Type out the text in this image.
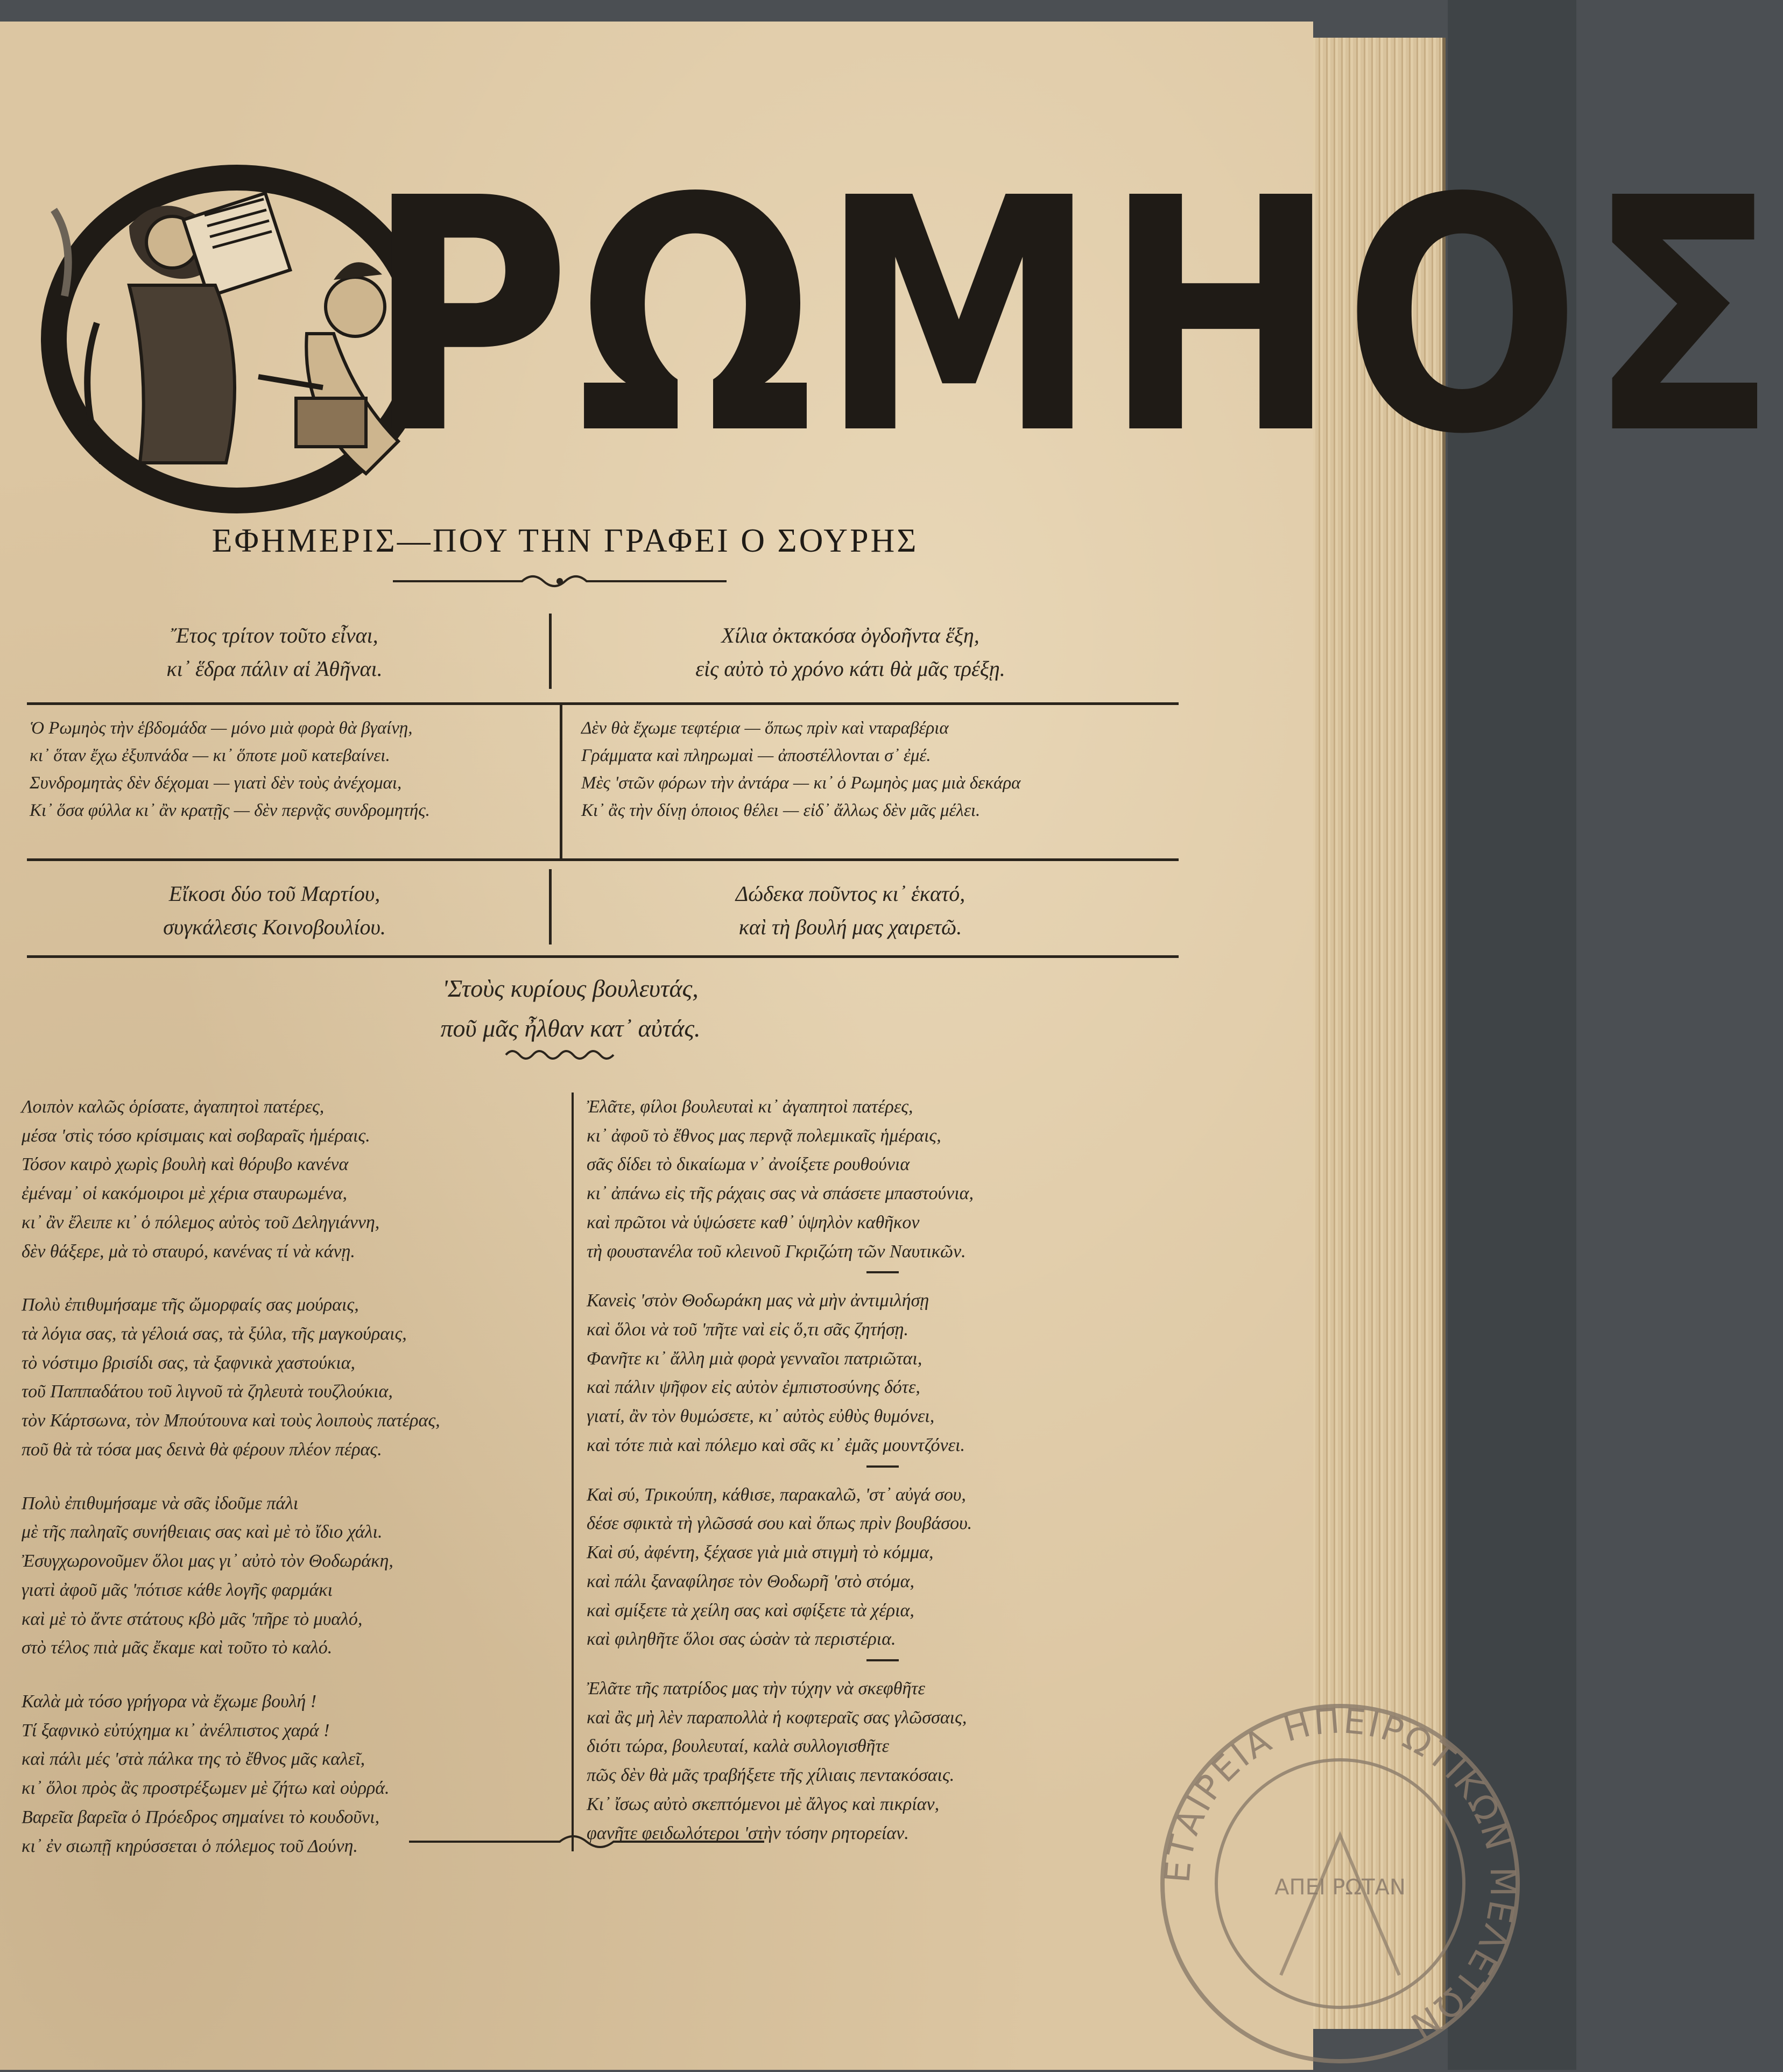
ΡΩΜΗΟΣ
ΕΦΗΜΕΡΙΣ—ΠΟΥ ΤΗΝ ΓΡΑΦΕΙ Ο ΣΟΥΡΗΣ
Ἔτος τρίτον τοῦτο εἶναι,
κι᾽ ἕδρα πάλιν αἱ Ἀθῆναι.
Χίλια ὀκτακόσα ὀγδοῆντα ἕξη,
εἰς αὐτὸ τὸ χρόνο κάτι θὰ μᾶς τρέξῃ.
Ὁ Ρωμηὸς τὴν ἑβδομάδα — μόνο μιὰ φορὰ θὰ βγαίνῃ,
κι᾽ ὅταν ἔχω ἐξυπνάδα — κι᾽ ὅποτε μοῦ κατεβαίνει.
Συνδρομητὰς δὲν δέχομαι — γιατὶ δὲν τοὺς ἀνέχομαι,
Κι᾽ ὅσα φύλλα κι᾽ ἂν κρατῇς — δὲν περνᾷς συνδρομητής.
Δὲν θὰ ἔχωμε τεφτέρια — ὅπως πρὶν καὶ νταραβέρια
Γράμματα καὶ πληρωμαὶ — ἀποστέλλονται σ᾽ ἐμέ.
Μὲς 'στῶν φόρων τὴν ἀντάρα — κι᾽ ὁ Ρωμηὸς μας μιὰ δεκάρα
Κι᾽ ἂς τὴν δίνῃ ὁποιος θέλει — εἰδ᾽ ἄλλως δὲν μᾶς μέλει.
Εἴκοσι δύο τοῦ Μαρτίου,
συγκάλεσις Κοινοβουλίου.
Δώδεκα ποῦντος κι᾽ ἑκατό,
καὶ τὴ βουλή μας χαιρετῶ.
'Στοὺς κυρίους βουλευτάς,
ποῦ μᾶς ἦλθαν κατ᾽ αὐτάς.
Λοιπὸν καλῶς ὁρίσατε, ἀγαπητοὶ πατέρες,
μέσα 'στὶς τόσο κρίσιμαις καὶ σοβαραῖς ἡμέραις.
Τόσον καιρὸ χωρὶς βουλὴ καὶ θόρυβο κανένα
ἐμέναμ᾽ οἱ κακόμοιροι μὲ χέρια σταυρωμένα,
κι᾽ ἂν ἔλειπε κι᾽ ὁ πόλεμος αὐτὸς τοῦ Δεληγιάννη,
δὲν θάξερε, μὰ τὸ σταυρό, κανένας τί νὰ κάνῃ.
Πολὺ ἐπιθυμήσαμε τῆς ὤμορφαίς σας μούραις,
τὰ λόγια σας, τὰ γέλοιά σας, τὰ ξύλα, τῆς μαγκούραις,
τὸ νόστιμο βρισίδι σας, τὰ ξαφνικὰ χαστούκια,
τοῦ Παππαδάτου τοῦ λιγνοῦ τὰ ζηλευτὰ τουζλούκια,
τὸν Κάρτσωνα, τὸν Μπούτουνα καὶ τοὺς λοιποὺς πατέρας,
ποῦ θὰ τὰ τόσα μας δεινὰ θὰ φέρουν πλέον πέρας.
Πολὺ ἐπιθυμήσαμε νὰ σᾶς ἰδοῦμε πάλι
μὲ τῆς παληαῖς συνήθειαις σας καὶ μὲ τὸ ἴδιο χάλι.
Ἐσυγχωρονοῦμεν ὅλοι μας γι᾽ αὐτὸ τὸν Θοδωράκη,
γιατὶ ἀφοῦ μᾶς 'πότισε κάθε λογῆς φαρμάκι
καὶ μὲ τὸ ἄντε στάτους κβὸ μᾶς 'πῆρε τὸ μυαλό,
στὸ τέλος πιὰ μᾶς ἔκαμε καὶ τοῦτο τὸ καλό.
Καλὰ μὰ τόσο γρήγορα νὰ ἔχωμε βουλή !
Τί ξαφνικὸ εὐτύχημα κι᾽ ἀνέλπιστος χαρά !
καὶ πάλι μές 'στὰ πάλκα της τὸ ἔθνος μᾶς καλεῖ,
κι᾽ ὅλοι πρὸς ἂς προστρέξωμεν μὲ ζήτω καὶ οὐρρά.
Βαρεῖα βαρεῖα ὁ Πρόεδρος σημαίνει τὸ κουδοῦνι,
κι᾽ ἐν σιωπῇ κηρύσσεται ὁ πόλεμος τοῦ Δούνη.
Ἐλᾶτε, φίλοι βουλευταὶ κι᾽ ἀγαπητοὶ πατέρες,
κι᾽ ἀφοῦ τὸ ἔθνος μας περνᾷ πολεμικαῖς ἡμέραις,
σᾶς δίδει τὸ δικαίωμα ν᾽ ἀνοίξετε ρουθούνια
κι᾽ ἀπάνω εἰς τῆς ράχαις σας νὰ σπάσετε μπαστούνια,
καὶ πρῶτοι νὰ ὑψώσετε καθ᾽ ὑψηλὸν καθῆκον
τὴ φουστανέλα τοῦ κλεινοῦ Γκριζώτη τῶν Ναυτικῶν.
Κανεὶς 'στὸν Θοδωράκη μας νὰ μὴν ἀντιμιλήσῃ
καὶ ὅλοι νὰ τοῦ 'πῆτε ναὶ εἰς ὅ,τι σᾶς ζητήσῃ.
Φανῆτε κι᾽ ἄλλη μιὰ φορὰ γενναῖοι πατριῶται,
καὶ πάλιν ψῆφον εἰς αὐτὸν ἐμπιστοσύνης δότε,
γιατί, ἂν τὸν θυμώσετε, κι᾽ αὐτὸς εὐθὺς θυμόνει,
καὶ τότε πιὰ καὶ πόλεμο καὶ σᾶς κι᾽ ἐμᾶς μουντζόνει.
Καὶ σύ, Τρικούπη, κάθισε, παρακαλῶ, 'στ᾽ αὐγά σου,
δέσε σφικτὰ τὴ γλῶσσά σου καὶ ὅπως πρὶν βουβάσου.
Καὶ σύ, ἀφέντη, ξέχασε γιὰ μιὰ στιγμὴ τὸ κόμμα,
καὶ πάλι ξαναφίλησε τὸν Θοδωρῆ 'στὸ στόμα,
καὶ σμίξετε τὰ χείλη σας καὶ σφίξετε τὰ χέρια,
καὶ φιληθῆτε ὅλοι σας ὡσὰν τὰ περιστέρια.
Ἐλᾶτε τῆς πατρίδος μας τὴν τύχην νὰ σκεφθῆτε
καὶ ἂς μὴ λὲν παραπολλὰ ἡ κοφτεραῖς σας γλῶσσαις,
διότι τώρα, βουλευταί, καλὰ συλλογισθῆτε
πῶς δὲν θὰ μᾶς τραβήξετε τῆς χίλιαις πεντακόσαις.
Κι᾽ ἴσως αὐτὸ σκεπτόμενοι μὲ ἄλγος καὶ πικρίαν,
φανῆτε φειδωλότεροι 'στὴν τόσην ρητορείαν.
ΕΤΑΙΡΕΙΑ ΗΠΕΙΡΩΤΙΚΩΝ ΜΕΛΕΤΩΝ
ΑΠΕΙ ΡΩΤΑΝ
